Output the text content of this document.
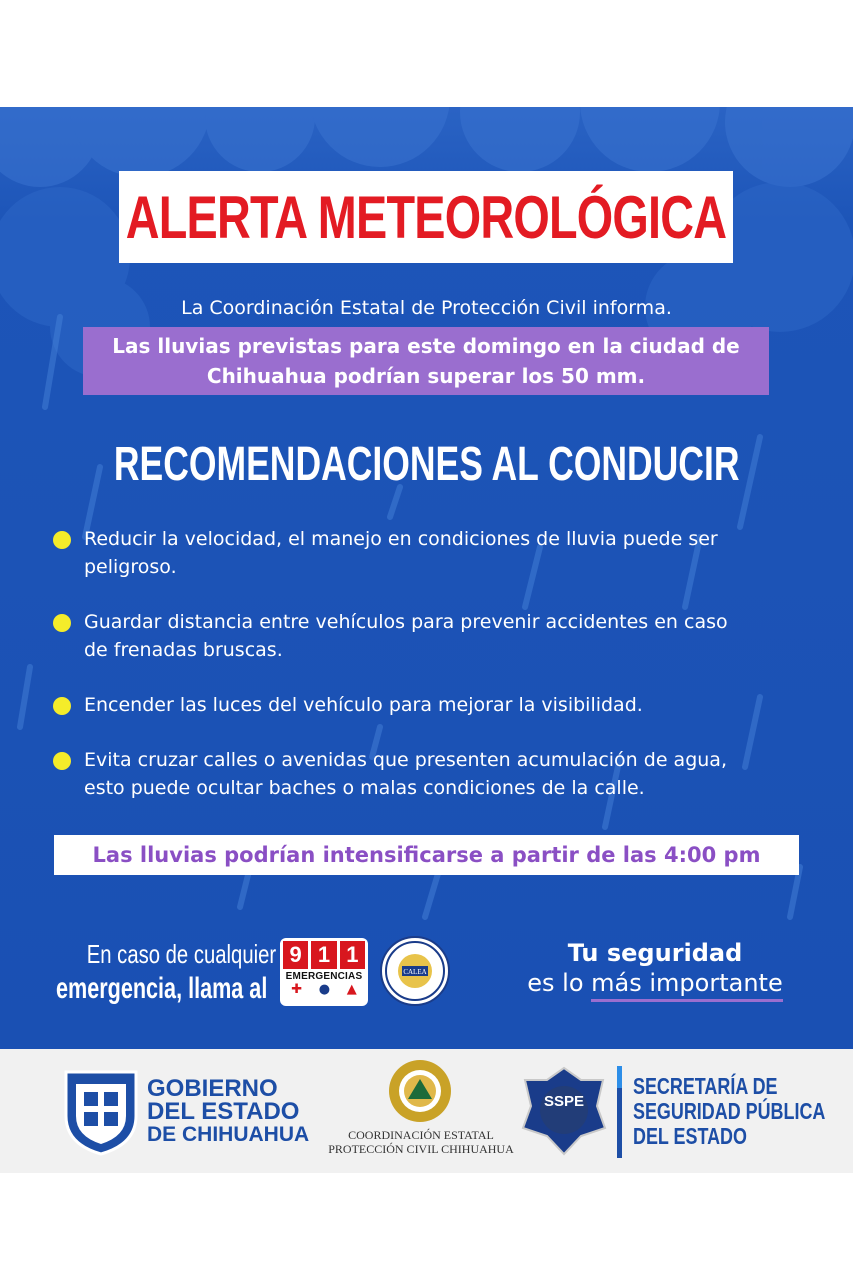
ALERTA METEOROLÓGICA
La Coordinación Estatal de Protección Civil informa.
Las lluvias previstas para este domingo en la ciudad de
Chihuahua podrían superar los 50 mm.
RECOMENDACIONES AL CONDUCIR
Reducir la velocidad, el manejo en condiciones de lluvia puede ser
peligroso.
Guardar distancia entre vehículos para prevenir accidentes en caso
de frenadas bruscas.
Encender las luces del vehículo para mejorar la visibilidad.
Evita cruzar calles o avenidas que presenten acumulación de agua,
esto puede ocultar baches o malas condiciones de la calle.
Las lluvias podrían intensificarse a partir de las 4:00 pm
En caso de cualquier
emergencia, llama al
9 1 1
EMERGENCIAS
✚ ● ▲
CALEA
Tu seguridad
es lo más importante
GOBIERNO
DEL ESTADO
DE CHIHUAHUA	COORDINACIÓN ESTATAL
PROTECCIÓN CIVIL CHIHUAHUA
SSPE
SECRETARÍA DE
SEGURIDAD PÚBLICA
DEL ESTADO
